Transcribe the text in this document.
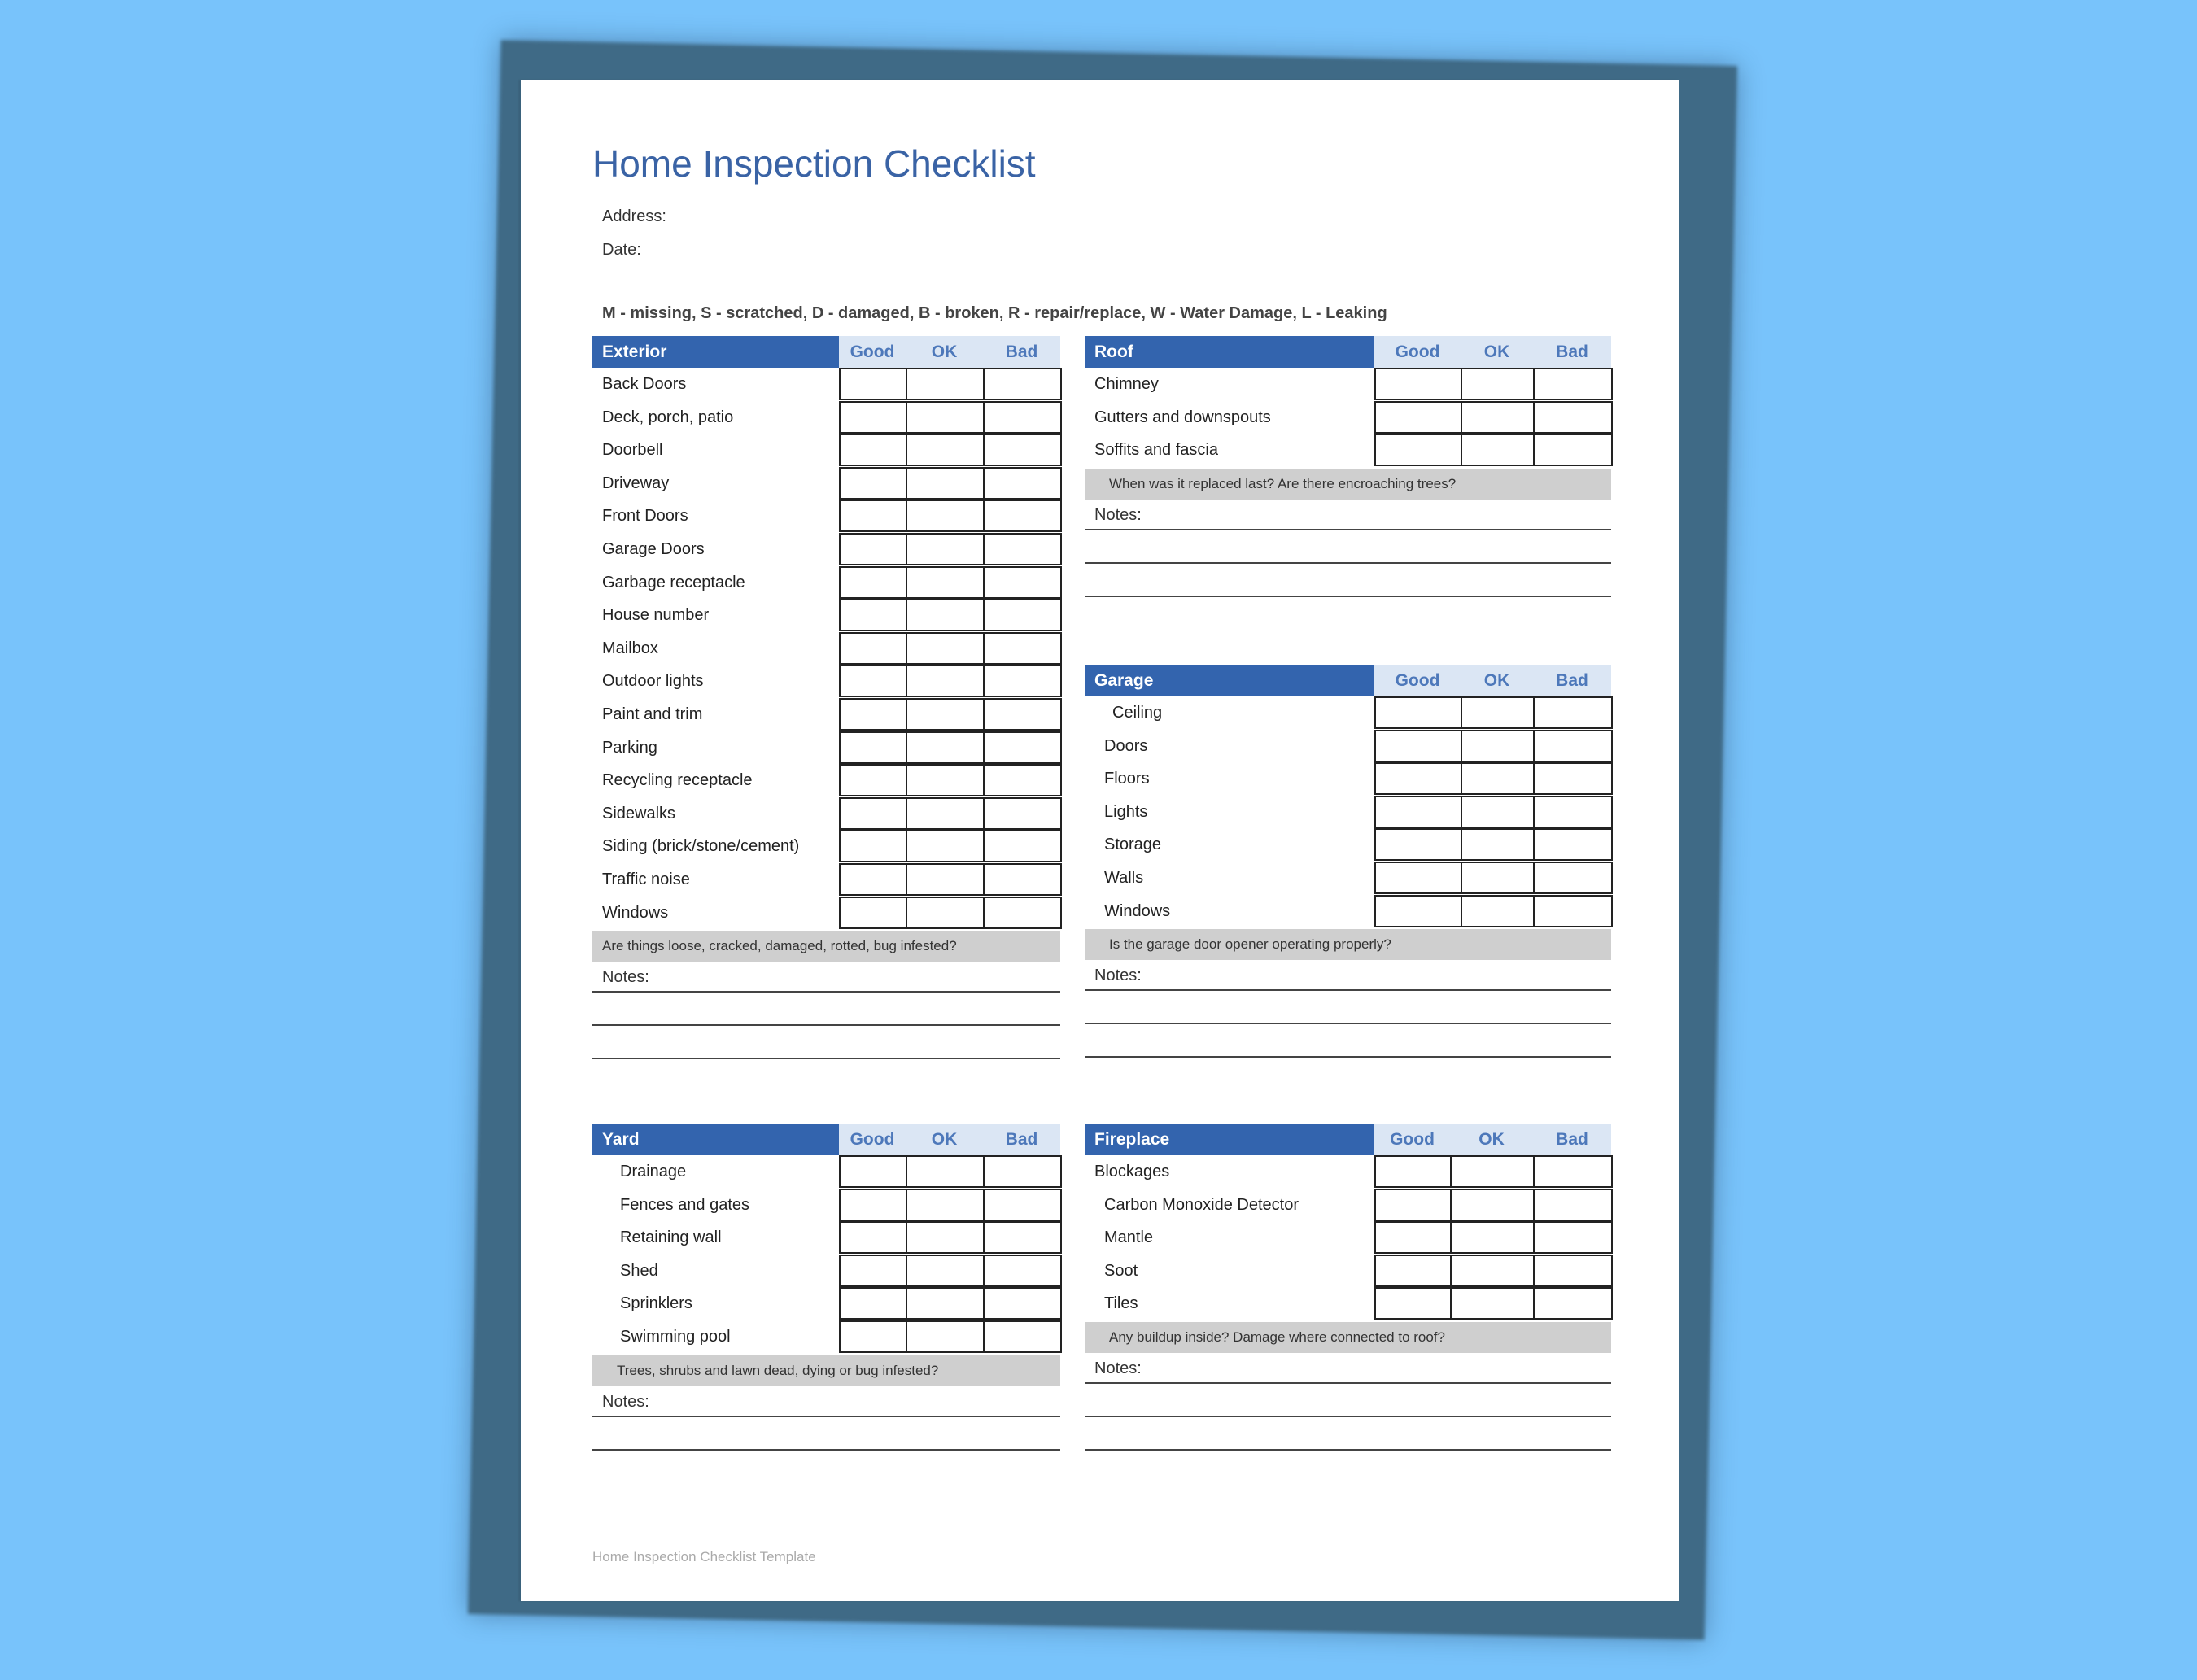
Home Inspection Checklist
Address:
Date:
M - missing, S - scratched, D - damaged, B - broken, R - repair/replace, W - Water Damage, L - Leaking
Exterior	Good	OK	Bad
Back Doors
Deck, porch, patio
Doorbell
Driveway
Front Doors
Garage Doors
Garbage receptacle
House number
Mailbox
Outdoor lights
Paint and trim
Parking
Recycling receptacle
Sidewalks
Siding (brick/stone/cement)
Traffic noise
Windows
Are things loose, cracked, damaged, rotted, bug infested?
Notes:
Roof	Good	OK	Bad
Chimney
Gutters and downspouts
Soffits and fascia
When was it replaced last? Are there encroaching trees?
Notes:
Garage	Good	OK	Bad
Ceiling
Doors
Floors
Lights
Storage
Walls
Windows
Is the garage door opener operating properly?
Notes:
Yard	Good	OK	Bad
Drainage
Fences and gates
Retaining wall
Shed
Sprinklers
Swimming pool
Trees, shrubs and lawn dead, dying or bug infested?
Notes:
Fireplace	Good	OK	Bad
Blockages
Carbon Monoxide Detector
Mantle
Soot
Tiles
Any buildup inside? Damage where connected to roof?
Notes:
Home Inspection Checklist Template
